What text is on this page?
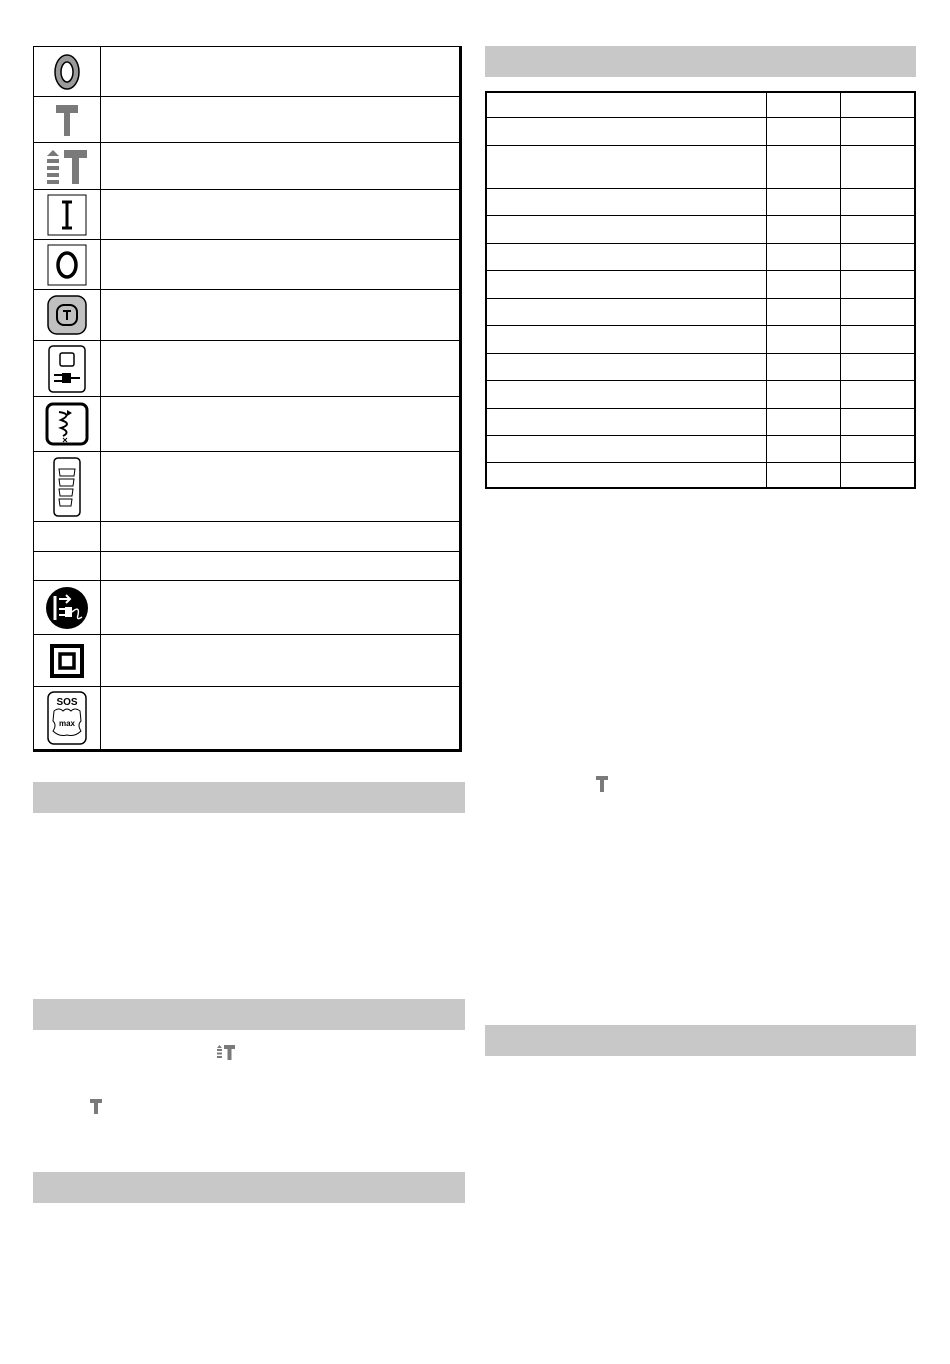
SOS
max	
